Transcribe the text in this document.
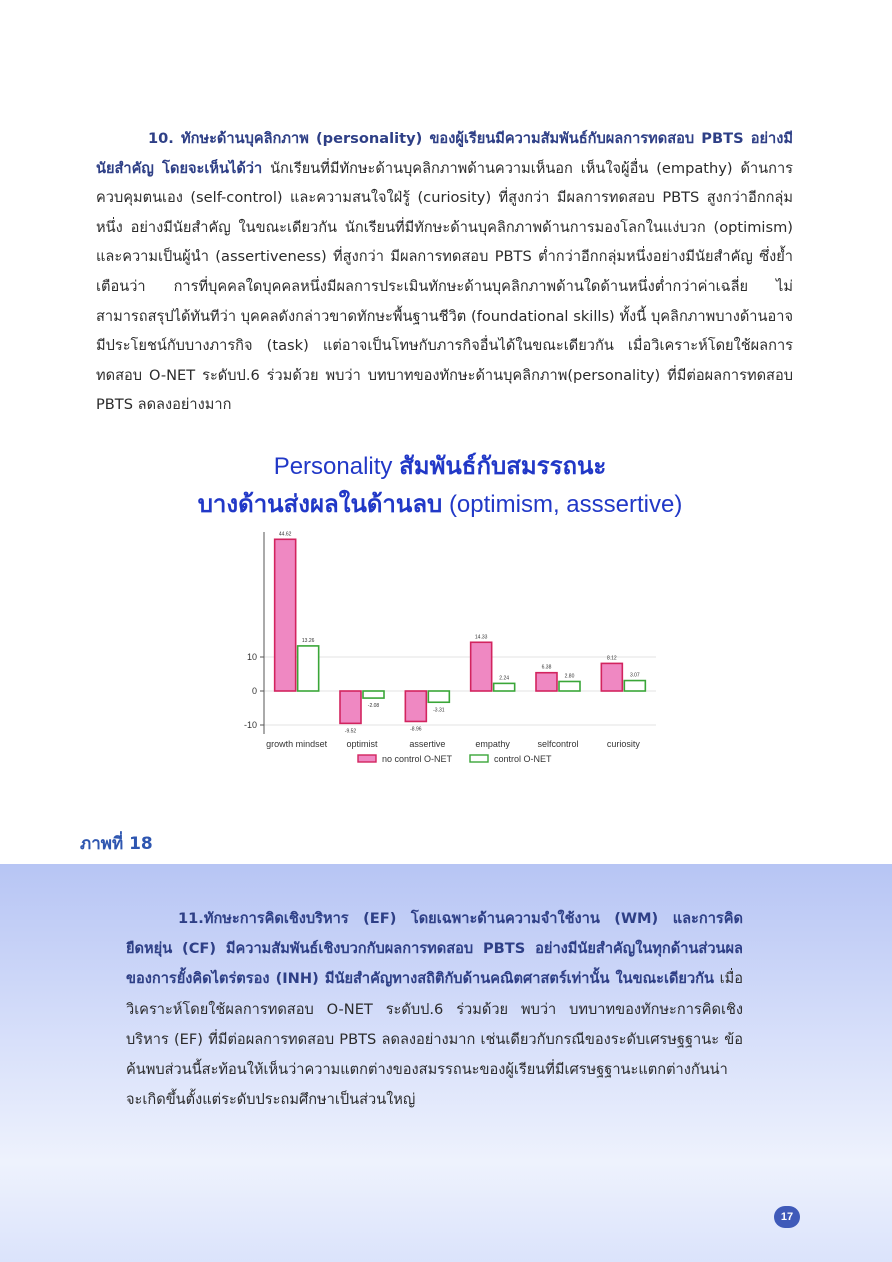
10. ทักษะด้านบุคลิกภาพ (personality) ของผู้เรียนมีความสัมพันธ์กับผลการทดสอบ PBTS อย่างมีนัยสำคัญ โดยจะเห็นได้ว่า นักเรียนที่มีทักษะด้านบุคลิกภาพด้านความเห็นอก เห็นใจผู้อื่น (empathy) ด้านการควบคุมตนเอง (self-control) และความสนใจใฝ่รู้ (curiosity) ที่สูงกว่า มีผลการทดสอบ PBTS สูงกว่าอีกกลุ่มหนึ่ง อย่างมีนัยสำคัญ ในขณะเดียวกัน นักเรียนที่มีทักษะด้านบุคลิกภาพด้านการมองโลกในแง่บวก (optimism) และความเป็นผู้นำ (assertiveness) ที่สูงกว่า มีผลการทดสอบ PBTS ต่ำกว่าอีกกลุ่มหนึ่งอย่างมีนัยสำคัญ ซึ่งย้ำเตือนว่า การที่บุคคลใดบุคคลหนึ่งมีผลการประเมินทักษะด้านบุคลิกภาพด้านใดด้านหนึ่งต่ำกว่าค่าเฉลี่ย ไม่สามารถสรุปได้ทันทีว่า บุคคลดังกล่าวขาดทักษะพื้นฐานชีวิต (foundational skills) ทั้งนี้ บุคลิกภาพบางด้านอาจมีประโยชน์กับบางภารกิจ (task) แต่อาจเป็นโทษกับภารกิจอื่นได้ในขณะเดียวกัน เมื่อวิเคราะห์โดยใช้ผลการทดสอบ O-NET ระดับป.6 ร่วมด้วย พบว่า บทบาทของทักษะด้านบุคลิกภาพ(personality) ที่มีต่อผลการทดสอบ PBTS ลดลงอย่างมาก
Personality สัมพันธ์กับสมรรถนะ
บางด้านส่งผลในด้านลบ (optimism, asssertive)
10
0
-10
44.62
13.26
growth mindset
-9.52
-2.08
optimist
-8.96
-3.31
assertive
14.33
2.24
empathy
6.38
2.80
selfcontrol
8.12
3.07
curiosity
no control O-NET	control O-NET
ภาพที่ 18
11.ทักษะการคิดเชิงบริหาร (EF) โดยเฉพาะด้านความจำใช้งาน (WM) และการคิดยืดหยุ่น (CF) มีความสัมพันธ์เชิงบวกกับผลการทดสอบ PBTS อย่างมีนัยสำคัญในทุกด้านส่วนผลของการยั้งคิดไตร่ตรอง (INH) มีนัยสำคัญทางสถิติกับด้านคณิตศาสตร์เท่านั้น ในขณะเดียวกัน เมื่อวิเคราะห์โดยใช้ผลการทดสอบ O-NET ระดับป.6 ร่วมด้วย พบว่า บทบาทของทักษะการคิดเชิงบริหาร (EF) ที่มีต่อผลการทดสอบ PBTS ลดลงอย่างมาก เช่นเดียวกับกรณีของระดับเศรษฐฐานะ ข้อค้นพบส่วนนี้สะท้อนให้เห็นว่าความแตกต่างของสมรรถนะของผู้เรียนที่มีเศรษฐฐานะแตกต่างกันน่าจะเกิดขึ้นตั้งแต่ระดับประถมศึกษาเป็นส่วนใหญ่
17
